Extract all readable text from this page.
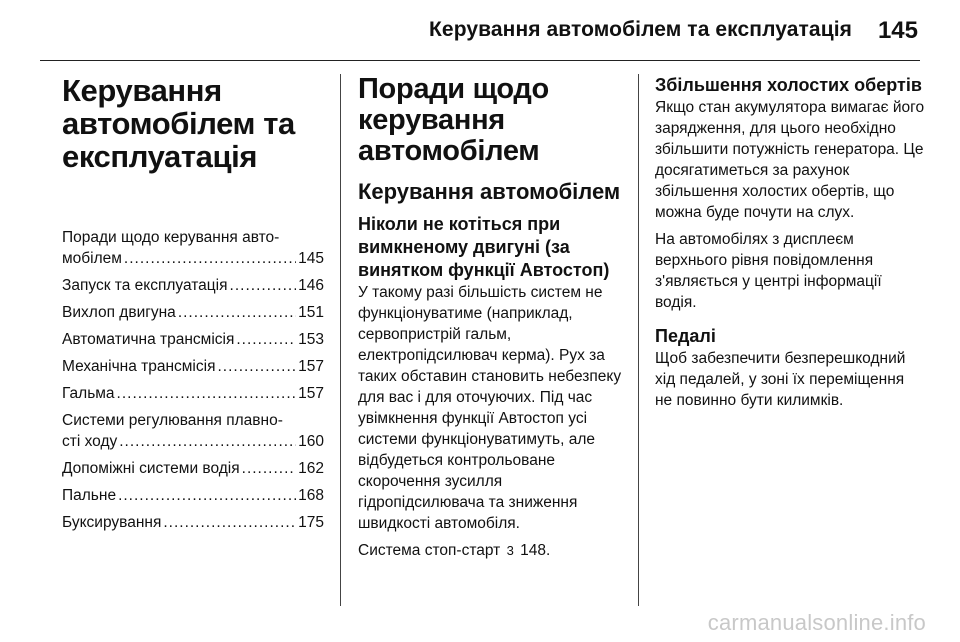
Керування автомобілем та експлуатація 145
Керування
автомобілем та
експлуатація
Поради щодо керування авто-
мобілем .....	145
Запуск та експлуатація .....	146
Вихлоп двигуна .....	151
Автоматична трансмісія .....	153
Механічна трансмісія .....	157
Гальма .....	157
Системи регулювання плавно-
сті ходу .....	160
Допоміжні системи водія .....	162
Пальне .....	168
Буксирування .....	175
Поради щодо
керування
автомобілем
Керування автомобілем
Ніколи не котіться при
вимкненому двигуні (за
винятком функції Автостоп)

У такому разі більшість систем не функціонуватиме (наприклад, сервопристрій гальм, електропідсилювач керма). Рух за таких обставин становить небезпеку для вас і для оточуючих. Під час увімкнення функції Автостоп усі системи функціонуватимуть, але відбудеться контрольоване скорочення зусилля гідропідсилювача та зниження швидкості автомобіля.

Система стоп-старт 3 148.

Збільшення холостих обертів

Якщо стан акумулятора вимагає його зарядження, для цього необхідно збільшити потужність генератора. Це досягатиметься за рахунок збільшення холостих обертів, що можна буде почути на слух.

На автомобілях з дисплеєм верхнього рівня повідомлення з'являється у центрі інформації водія.

Педалі

Щоб забезпечити безперешкодний хід педалей, у зоні їх переміщення не повинно бути килимків.

carmanualsonline.info
